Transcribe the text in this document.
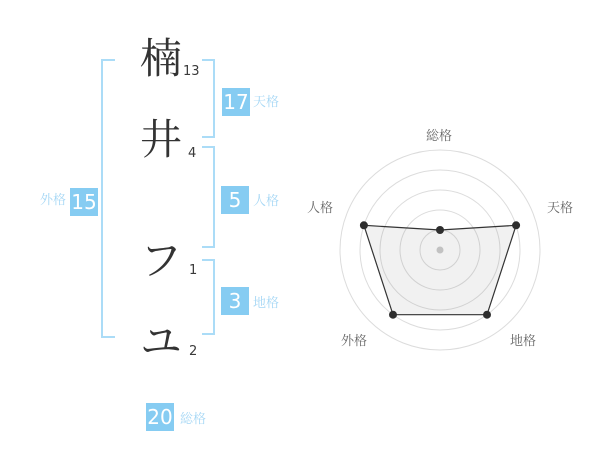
楠
井
フ
ユ
13
4
1
2
17
5
3
15
20
天格
人格
地格
外格
総格
総格
天格
地格
外格
人格
